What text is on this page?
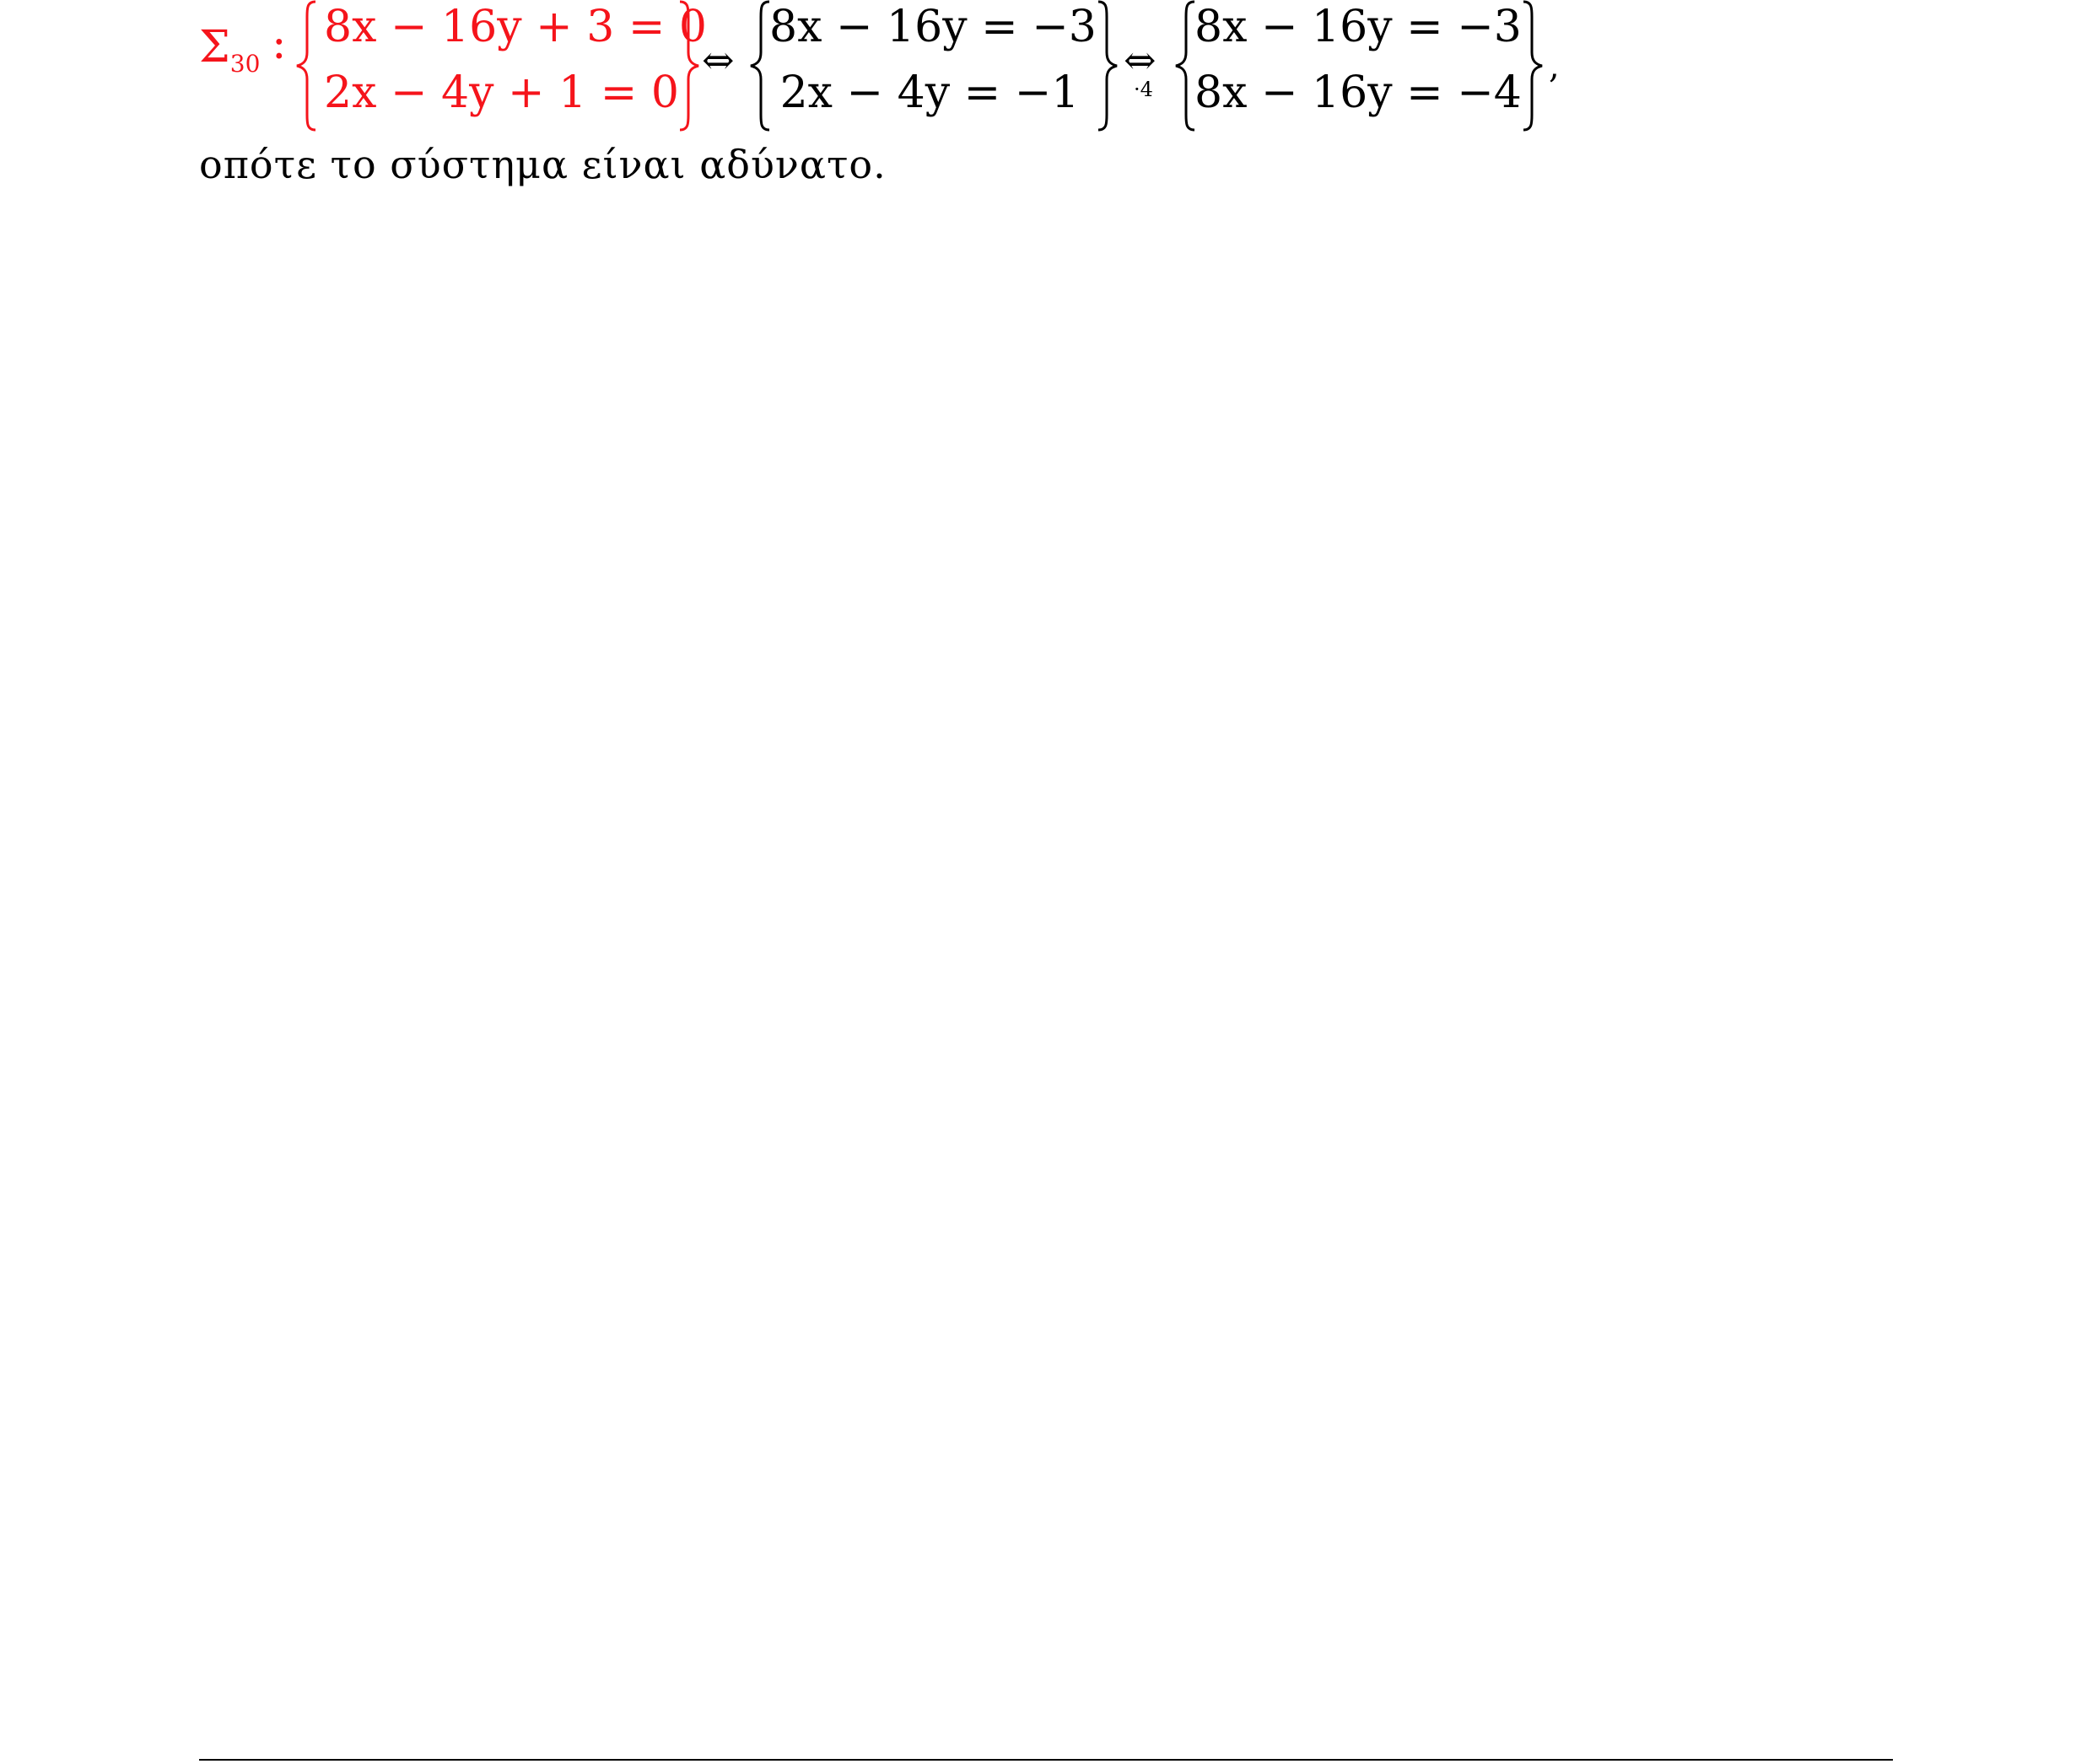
$\Sigma_{30}$ : 8x − 16y + 3 = 0
2x − 4y + 1 = 0
⇔
8x − 16y = −3
2x − 4y = −1
⇔
·4
8x − 16y = −3
8x − 16y = −4
,
οπότε το σύστημα είναι αδύνατο.
